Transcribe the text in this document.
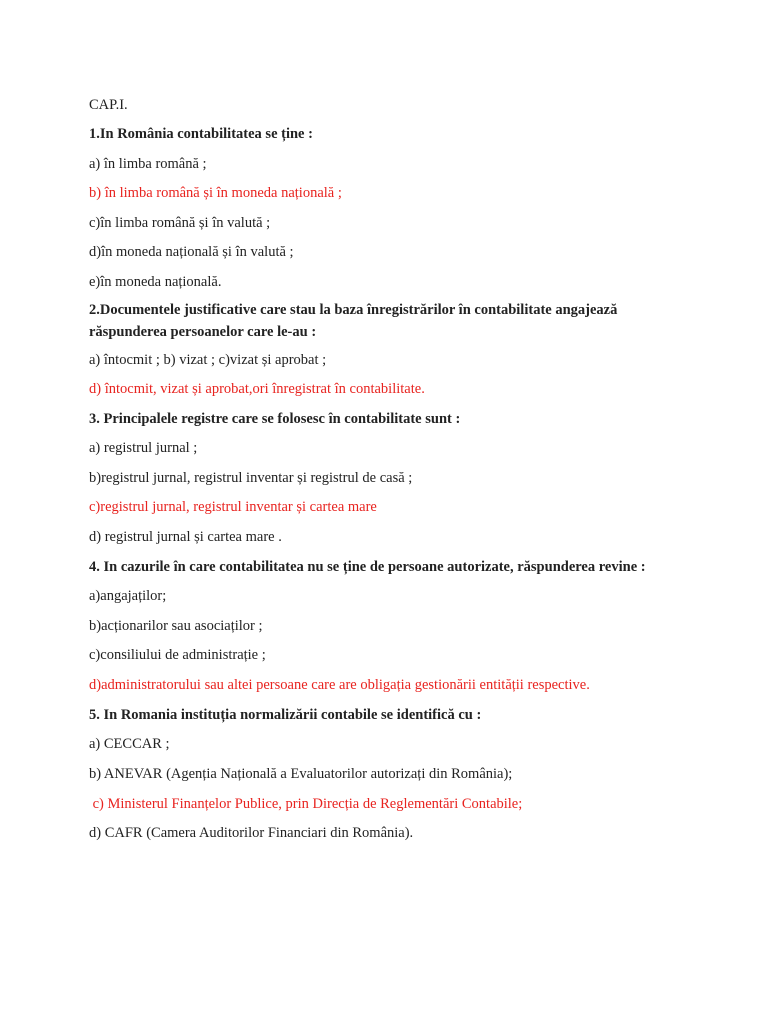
CAP.I.

1.In România contabilitatea se ține :

a) în limba română ;

b) în limba română și în moneda națională ;

c)în limba română și în valută ;

d)în moneda națională și în valută ;

e)în moneda națională.

2.Documentele justificative care stau la baza înregistrărilor în contabilitate angajează răspunderea persoanelor care le-au :

a) întocmit ; b) vizat ; c)vizat și aprobat ;

d) întocmit, vizat și aprobat,ori înregistrat în contabilitate.

3. Principalele registre care se folosesc în contabilitate sunt :

a) registrul jurnal ;

b)registrul jurnal, registrul inventar și registrul de casă ;

c)registrul jurnal, registrul inventar și cartea mare

d) registrul jurnal și cartea mare .

4. In cazurile în care contabilitatea nu se ține de persoane autorizate, răspunderea revine :

a)angajaților;

b)acționarilor sau asociaților ;

c)consiliului de administrație ;

d)administratorului sau altei persoane care are obligația gestionării entității respective.

5. In Romania instituția normalizării contabile se identifică cu :

a) CECCAR ;

b) ANEVAR (Agenția Națională a Evaluatorilor autorizați din România);

c) Ministerul Finanțelor Publice, prin Direcția de Reglementări Contabile;

d) CAFR (Camera Auditorilor Financiari din România).
